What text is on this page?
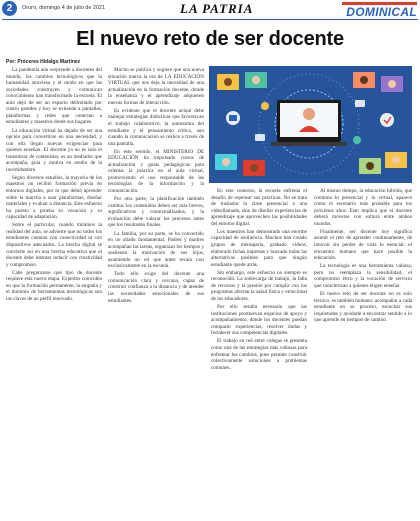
2	Oruro, domingo 4 de julio de 2021	LA PATRIA	DOMINICAL
El nuevo reto de ser docente
Por: Próceres Hidalgo Martínez

La pandemia aún sorprende a docentes del mundo, los cambios tecnológicos que la humanidad atraviesa y el modo en que las sociedades construyen y comunican conocimiento han transformado la escuela. El aula dejó de ser un espacio delimitado por cuatro paredes y hoy se extiende a pantallas, plataformas y redes que conectan a estudiantes y maestros desde sus hogares.

La educación virtual ha dejado de ser una opción para convertirse en una necesidad, y con ella llegan nuevas exigencias para quienes enseñan. El docente ya no es solo el transmisor de contenidos; es un mediador que acompaña, guía y motiva en medio de la incertidumbre.

Según diversos estudios, la mayoría de los maestros no recibió formación previa en entornos digitales, por lo que debió aprender sobre la marcha a usar plataformas, diseñar materiales y evaluar a distancia. Este esfuerzo ha puesto a prueba su vocación y su capacidad de adaptación.

Sobre el particular, cuando miramos la realidad del aula, se advierte que no todos los estudiantes cuentan con conectividad ni con dispositivos adecuados. La brecha digital se convierte así en una brecha educativa que el docente debe intentar reducir con creatividad y compromiso.

Cabe preguntarse qué tipo de docente requiere esta nueva etapa. Expertos coinciden en que la formación permanente, la empatía y el dominio de herramientas tecnológicas son las claves de un perfil renovado.

Mucho se publica y sugiere que una nueva situación marca la era de LA EDUCACIÓN VIRTUAL que nos deja la necesidad de una actualización en la formación docente, donde la enseñanza y el aprendizaje adquieren nuevas formas de interacción.

Es evidente que el docente actual debe manejar estrategias didácticas que favorezcan el trabajo colaborativo, la autonomía del estudiante y el pensamiento crítico, aun cuando la comunicación se realice a través de una pantalla.

En este sentido, el MINISTERIO DE EDUCACIÓN ha impulsado cursos de actualización y guías pedagógicas para orientar la práctica en el aula virtual, promoviendo el uso responsable de las tecnologías de la información y la comunicación.

Por otra parte, la planificación también cambia: los contenidos deben ser más breves, significativos y contextualizados, y la evaluación debe valorar los procesos antes que los resultados finales.

La familia, por su parte, se ha convertido en un aliado fundamental. Padres y madres acompañan las tareas, organizan los tiempos y sostienen la motivación de sus hijos, asumiendo un rol que antes recaía casi exclusivamente en la escuela.

Todo ello exige del docente una comunicación clara y cercana, capaz de construir confianza a la distancia y de atender las necesidades emocionales de sus estudiantes.

En este contexto, la escuela enfrenta el desafío de repensar sus prácticas. No se trata de trasladar la clase presencial a una videollamada, sino de diseñar experiencias de aprendizaje que aprovechen las posibilidades del entorno digital.

Los maestros han demostrado una enorme capacidad de resiliencia. Muchos han creado grupos de mensajería, grabado videos, elaborado fichas impresas y buscado todas las alternativas posibles para que ningún estudiante quede atrás.

Sin embargo, este esfuerzo no siempre es reconocido. La sobrecarga de trabajo, la falta de recursos y la presión por cumplir con los programas afectan la salud física y emocional de los educadores.

Por ello resulta necesario que las instituciones promuevan espacios de apoyo y acompañamiento, donde los docentes puedan compartir experiencias, resolver dudas y fortalecer sus competencias digitales.

El trabajo en red entre colegas se presenta como una de las estrategias más valiosas para enfrentar los cambios, pues permite construir colectivamente soluciones a problemas comunes.

Al mismo tiempo, la educación híbrida, que combina lo presencial y lo virtual, aparece como el escenario más probable para los próximos años. Esto implica que el docente deberá moverse con soltura entre ambos mundos.

Finalmente, ser docente hoy significa asumir el reto de aprender continuamente, de innovar sin perder de vista lo esencial: el encuentro humano que hace posible la educación.

La tecnología es una herramienta valiosa, pero no reemplaza la sensibilidad, el compromiso ético y la vocación de servicio que caracterizan a quienes eligen enseñar.

El nuevo reto de ser docente no es solo técnico, es también humano: acompañar a cada estudiante en su proceso, escuchar sus inquietudes y ayudarle a encontrar sentido a lo que aprende en tiempos de cambio.
